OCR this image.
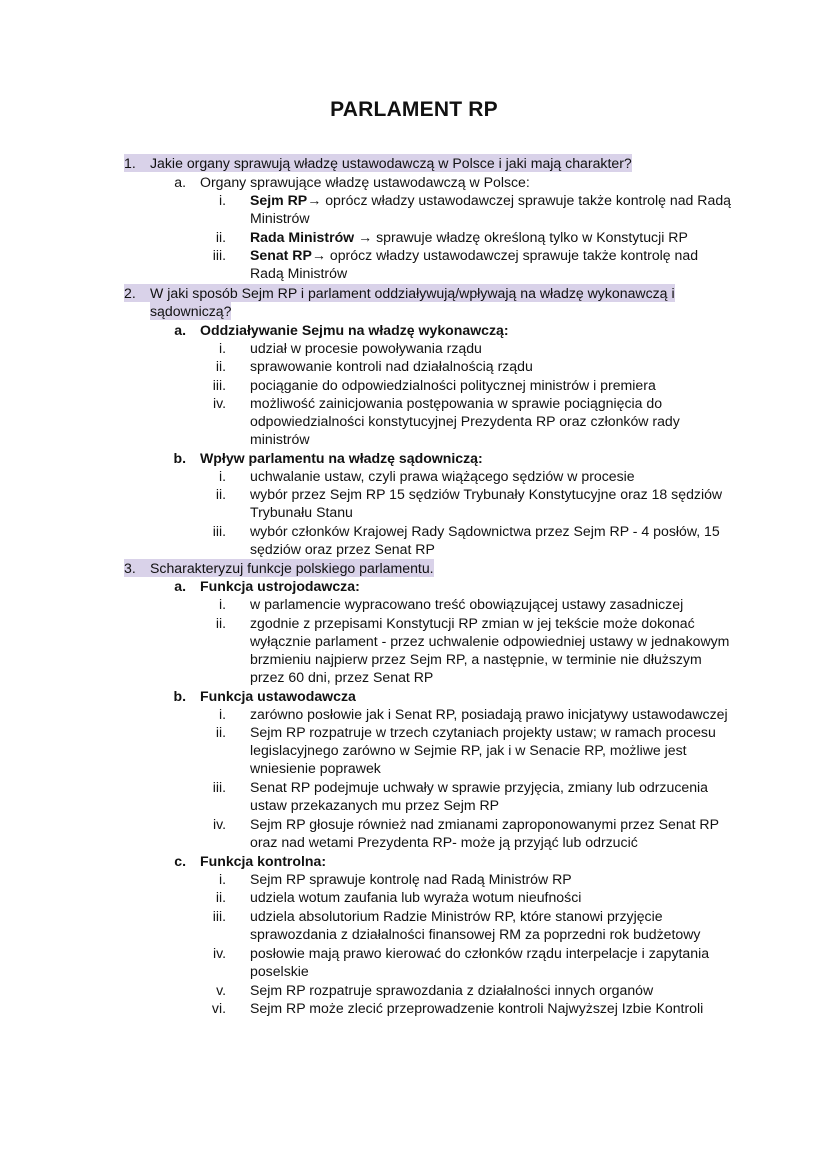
PARLAMENT RP
1.	Jakie organy sprawują władzę ustawodawczą w Polsce i jaki mają charakter?
a. Organy sprawujące władzę ustawodawczą w Polsce:
i. Sejm RP→ oprócz władzy ustawodawczej sprawuje także kontrolę nad Radą
Ministrów
ii. Rada Ministrów → sprawuje władzę określoną tylko w Konstytucji RP
iii. Senat RP→ oprócz władzy ustawodawczej sprawuje także kontrolę nad
Radą Ministrów
2.	W jaki sposób Sejm RP i parlament oddziaływują/wpływają na władzę wykonawczą i
sądowniczą?
a. Oddziaływanie Sejmu na władzę wykonawczą:
i. udział w procesie powoływania rządu
ii. sprawowanie kontroli nad działalnością rządu
iii. pociąganie do odpowiedzialności politycznej ministrów i premiera
iv. możliwość zainicjowania postępowania w sprawie pociągnięcia do
odpowiedzialności konstytucyjnej Prezydenta RP oraz członków rady
ministrów
b. Wpływ parlamentu na władzę sądowniczą:
i. uchwalanie ustaw, czyli prawa wiążącego sędziów w procesie
ii. wybór przez Sejm RP 15 sędziów Trybunały Konstytucyjne oraz 18 sędziów
Trybunału Stanu
iii. wybór członków Krajowej Rady Sądownictwa przez Sejm RP - 4 posłów, 15
sędziów oraz przez Senat RP
3.	Scharakteryzuj funkcje polskiego parlamentu.
a. Funkcja ustrojodawcza:
i. w parlamencie wypracowano treść obowiązującej ustawy zasadniczej
ii. zgodnie z przepisami Konstytucji RP zmian w jej tekście może dokonać
wyłącznie parlament - przez uchwalenie odpowiedniej ustawy w jednakowym
brzmieniu najpierw przez Sejm RP, a następnie, w terminie nie dłuższym
przez 60 dni, przez Senat RP
b. Funkcja ustawodawcza
i. zarówno posłowie jak i Senat RP, posiadają prawo inicjatywy ustawodawczej
ii. Sejm RP rozpatruje w trzech czytaniach projekty ustaw; w ramach procesu
legislacyjnego zarówno w Sejmie RP, jak i w Senacie RP, możliwe jest
wniesienie poprawek
iii. Senat RP podejmuje uchwały w sprawie przyjęcia, zmiany lub odrzucenia
ustaw przekazanych mu przez Sejm RP
iv. Sejm RP głosuje również nad zmianami zaproponowanymi przez Senat RP
oraz nad wetami Prezydenta RP- może ją przyjąć lub odrzucić
c. Funkcja kontrolna:
i. Sejm RP sprawuje kontrolę nad Radą Ministrów RP
ii. udziela wotum zaufania lub wyraża wotum nieufności
iii. udziela absolutorium Radzie Ministrów RP, które stanowi przyjęcie
sprawozdania z działalności finansowej RM za poprzedni rok budżetowy
iv. posłowie mają prawo kierować do członków rządu interpelacje i zapytania
poselskie
v. Sejm RP rozpatruje sprawozdania z działalności innych organów
vi. Sejm RP może zlecić przeprowadzenie kontroli Najwyższej Izbie Kontroli
